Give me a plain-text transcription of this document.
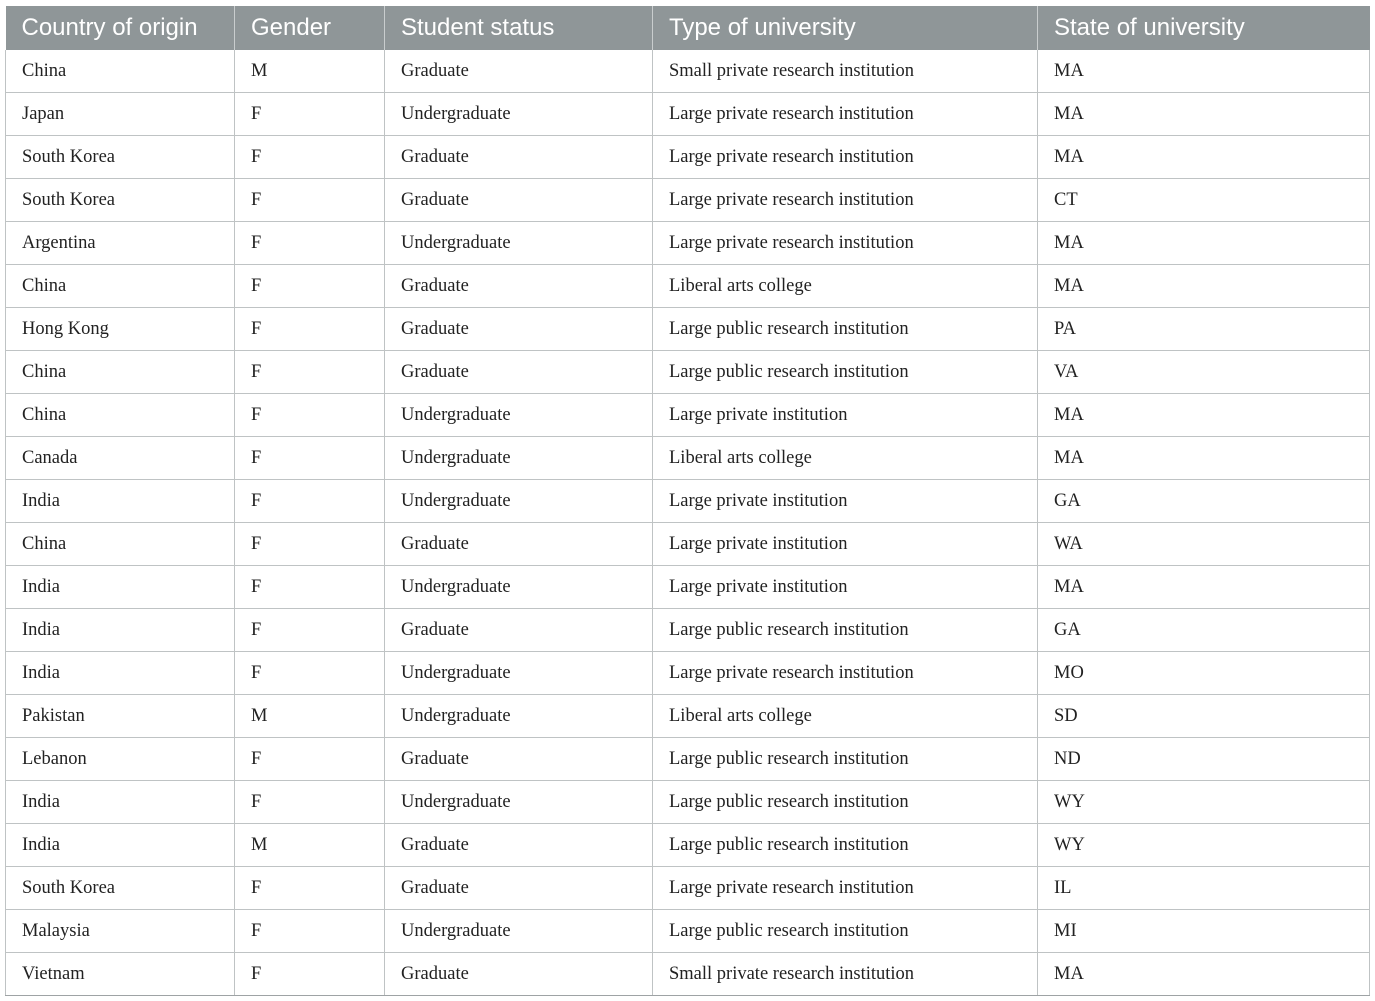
Country of origin	Gender	Student status	Type of university	State of university
China	M	Graduate	Small private research institution	MA
Japan	F	Undergraduate	Large private research institution	MA
South Korea	F	Graduate	Large private research institution	MA
South Korea	F	Graduate	Large private research institution	CT
Argentina	F	Undergraduate	Large private research institution	MA
China	F	Graduate	Liberal arts college	MA
Hong Kong	F	Graduate	Large public research institution	PA
China	F	Graduate	Large public research institution	VA
China	F	Undergraduate	Large private institution	MA
Canada	F	Undergraduate	Liberal arts college	MA
India	F	Undergraduate	Large private institution	GA
China	F	Graduate	Large private institution	WA
India	F	Undergraduate	Large private institution	MA
India	F	Graduate	Large public research institution	GA
India	F	Undergraduate	Large private research institution	MO
Pakistan	M	Undergraduate	Liberal arts college	SD
Lebanon	F	Graduate	Large public research institution	ND
India	F	Undergraduate	Large public research institution	WY
India	M	Graduate	Large public research institution	WY
South Korea	F	Graduate	Large private research institution	IL
Malaysia	F	Undergraduate	Large public research institution	MI
Vietnam	F	Graduate	Small private research institution	MA
